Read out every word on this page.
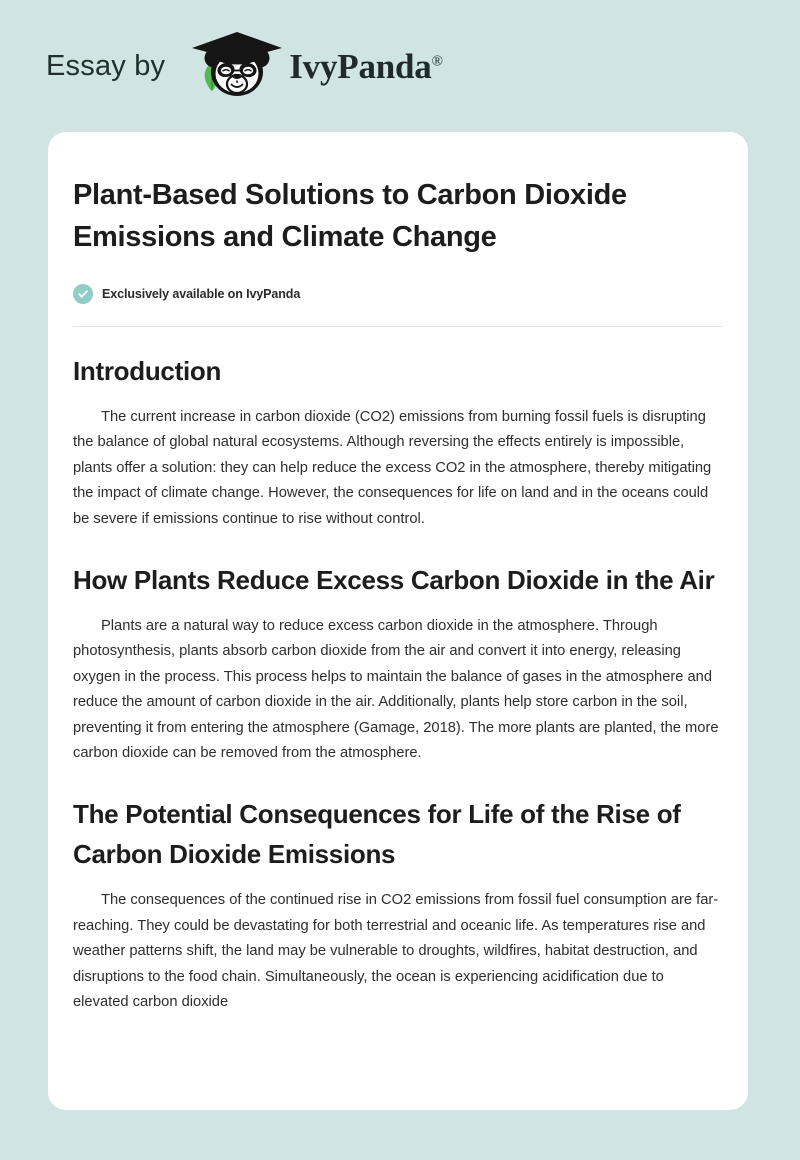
Essay by	IvyPanda®
Plant-Based Solutions to Carbon Dioxide Emissions and Climate Change
Exclusively available on IvyPanda
Introduction

The current increase in carbon dioxide (CO2) emissions from burning fossil fuels is disrupting the balance of global natural ecosystems. Although reversing the effects entirely is impossible, plants offer a solution: they can help reduce the excess CO2 in the atmosphere, thereby mitigating the impact of climate change. However, the consequences for life on land and in the oceans could be severe if emissions continue to rise without control.

How Plants Reduce Excess Carbon Dioxide in the Air

Plants are a natural way to reduce excess carbon dioxide in the atmosphere. Through photosynthesis, plants absorb carbon dioxide from the air and convert it into energy, releasing oxygen in the process. This process helps to maintain the balance of gases in the atmosphere and reduce the amount of carbon dioxide in the air. Additionally, plants help store carbon in the soil, preventing it from entering the atmosphere (Gamage, 2018). The more plants are planted, the more carbon dioxide can be removed from the atmosphere.

The Potential Consequences for Life of the Rise of Carbon Dioxide Emissions

The consequences of the continued rise in CO2 emissions from fossil fuel consumption are far-reaching. They could be devastating for both terrestrial and oceanic life. As temperatures rise and weather patterns shift, the land may be vulnerable to droughts, wildfires, habitat destruction, and disruptions to the food chain. Simultaneously, the ocean is experiencing acidification due to elevated carbon dioxide
